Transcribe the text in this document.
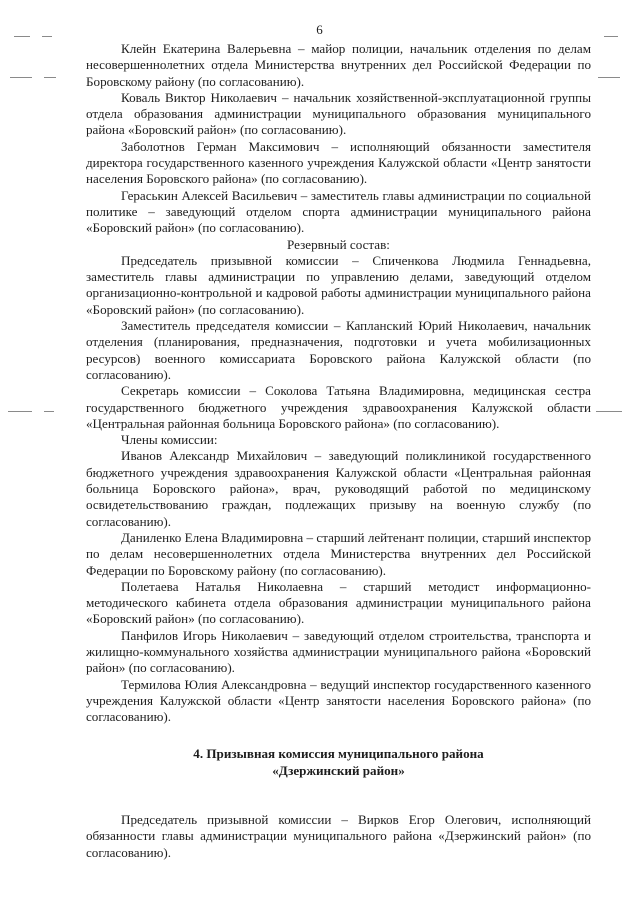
6

Клейн Екатерина Валерьевна – майор полиции, начальник отделения по делам несовершеннолетних отдела Министерства внутренних дел Российской Федерации по Боровскому району (по согласованию).

Коваль Виктор Николаевич – начальник хозяйственной-эксплуатационной группы отдела образования администрации муниципального образования муниципального района «Боровский район» (по согласованию).

Заболотнов Герман Максимович – исполняющий обязанности заместителя директора государственного казенного учреждения Калужской области «Центр занятости населения Боровского района» (по согласованию).

Гераськин Алексей Васильевич – заместитель главы администрации по социальной политике – заведующий отделом спорта администрации муниципального района «Боровский район» (по согласованию).

Резервный состав:

Председатель призывной комиссии – Спиченкова Людмила Геннадьевна, заместитель главы администрации по управлению делами, заведующий отделом организационно-контрольной и кадровой работы администрации муниципального района «Боровский район» (по согласованию).

Заместитель председателя комиссии – Капланский Юрий Николаевич, начальник отделения (планирования, предназначения, подготовки и учета мобилизационных ресурсов) военного комиссариата Боровского района Калужской области (по согласованию).

Секретарь комиссии – Соколова Татьяна Владимировна, медицинская сестра государственного бюджетного учреждения здравоохранения Калужской области «Центральная районная больница Боровского района» (по согласованию).

Члены комиссии:

Иванов Александр Михайлович – заведующий поликлиникой государственного бюджетного учреждения здравоохранения Калужской области «Центральная районная больница Боровского района», врач, руководящий работой по медицинскому освидетельствованию граждан, подлежащих призыву на военную службу (по согласованию).

Даниленко Елена Владимировна – старший лейтенант полиции, старший инспектор по делам несовершеннолетних отдела Министерства внутренних дел Российской Федерации по Боровскому району (по согласованию).

Полетаева Наталья Николаевна – старший методист информационно-методического кабинета отдела образования администрации муниципального района «Боровский район» (по согласованию).

Панфилов Игорь Николаевич – заведующий отделом строительства, транспорта и жилищно-коммунального хозяйства администрации муниципального района «Боровский район» (по согласованию).

Термилова Юлия Александровна – ведущий инспектор государственного казенного учреждения Калужской области «Центр занятости населения Боровского района» (по согласованию).

4. Призывная комиссия муниципального района

«Дзержинский район»

Председатель призывной комиссии – Вирков Егор Олегович, исполняющий обязанности главы администрации муниципального района «Дзержинский район» (по согласованию).
